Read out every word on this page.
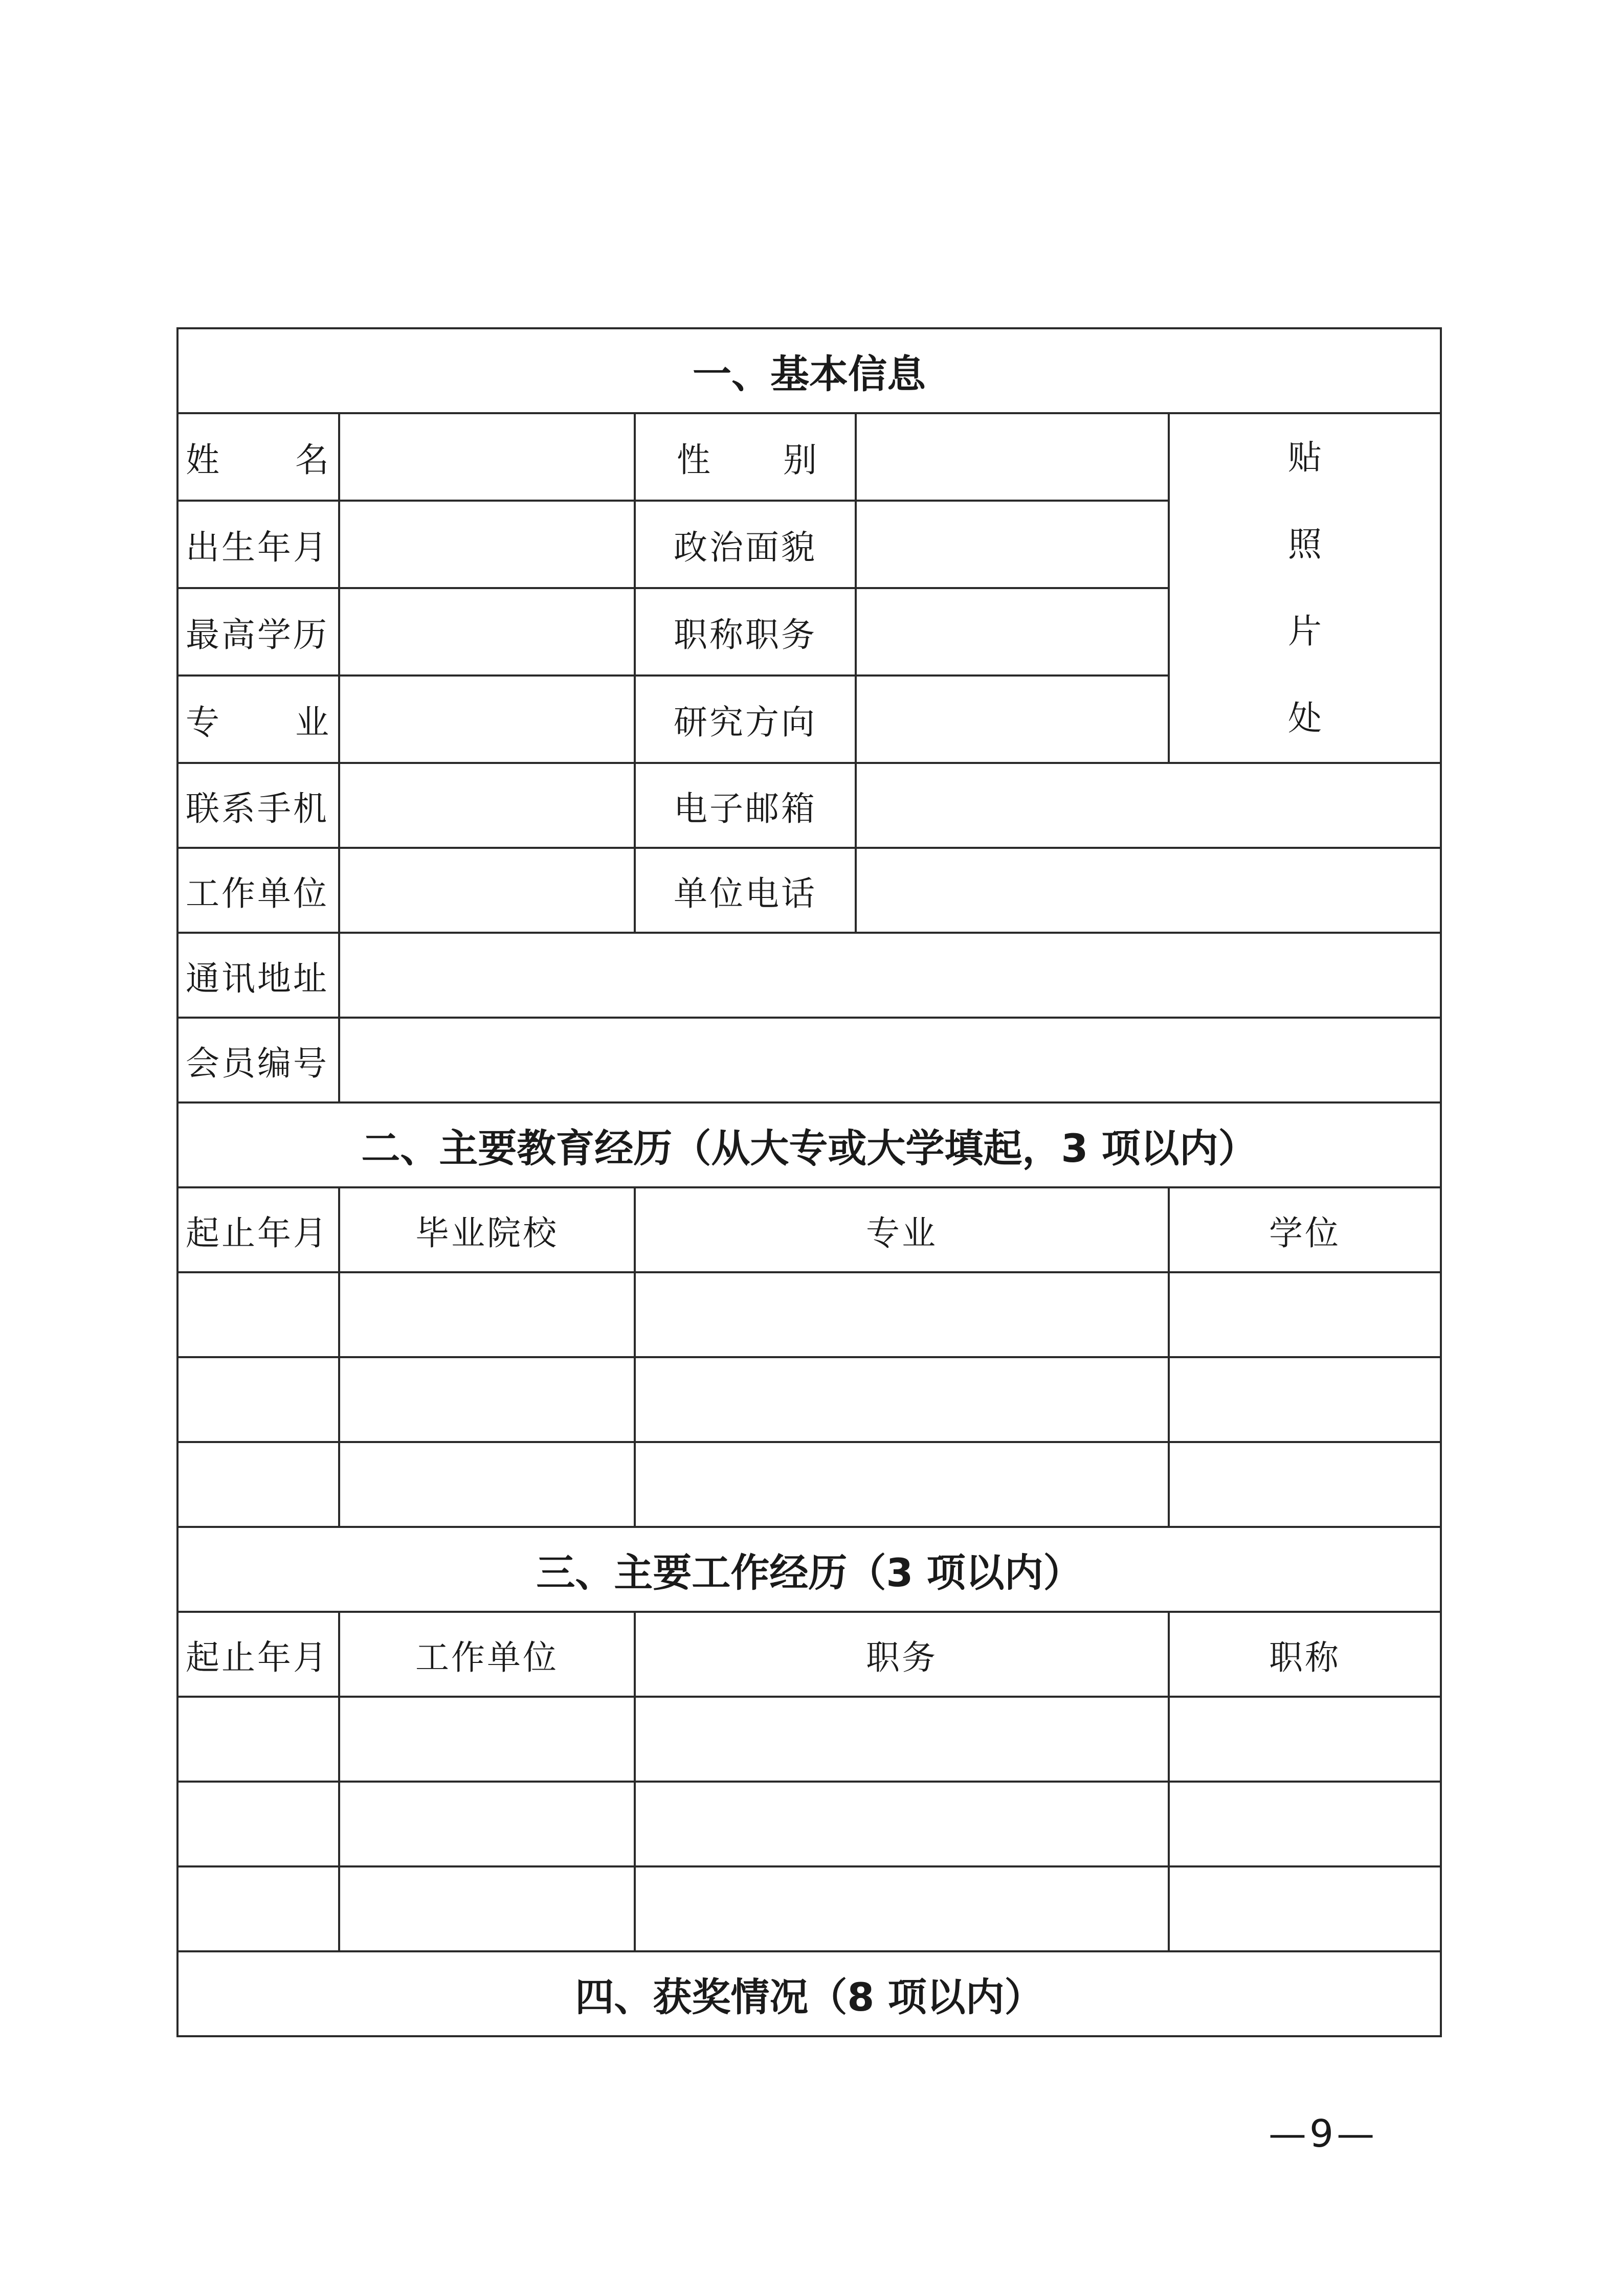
一、基本信息				

姓 名		性 别		贴
照
片
处

出生年月		政治面貌		

最高学历		职称职务		

专 业		研究方向		

联系手机		电子邮箱		

工作单位		单位电话		

通讯地址				

会员编号				

二、主要教育经历（从大专或大学填起，3 项以内）				

起止年月	毕业院校	专业		学位

三、主要工作经历（3 项以内）				

起止年月	工作单位	职务		职称

四、获奖情况（8 项以内）				
—9—
